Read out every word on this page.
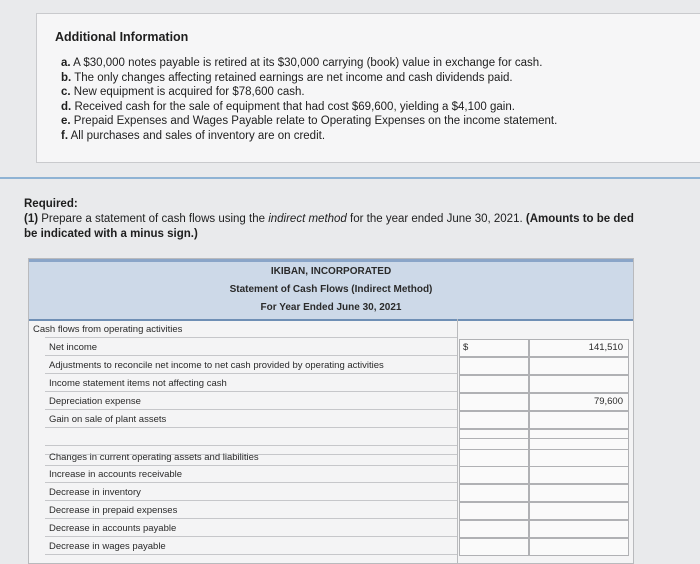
Additional Information
a. A $30,000 notes payable is retired at its $30,000 carrying (book) value in exchange for cash.
b. The only changes affecting retained earnings are net income and cash dividends paid.
c. New equipment is acquired for $78,600 cash.
d. Received cash for the sale of equipment that had cost $69,600, yielding a $4,100 gain.
e. Prepaid Expenses and Wages Payable relate to Operating Expenses on the income statement.
f. All purchases and sales of inventory are on credit.
Required:
(1) Prepare a statement of cash flows using the indirect method for the year ended June 30, 2021. (Amounts to be ded
be indicated with a minus sign.)
IKIBAN, INCORPORATED
Statement of Cash Flows (Indirect Method)
For Year Ended June 30, 2021
Cash flows from operating activities
Net income	$	141,510
Adjustments to reconcile net income to net cash provided by operating activities
Income statement items not affecting cash
Depreciation expense	79,600
Gain on sale of plant assets
Changes in current operating assets and liabilities
Increase in accounts receivable
Decrease in inventory
Decrease in prepaid expenses
Decrease in accounts payable
Decrease in wages payable
